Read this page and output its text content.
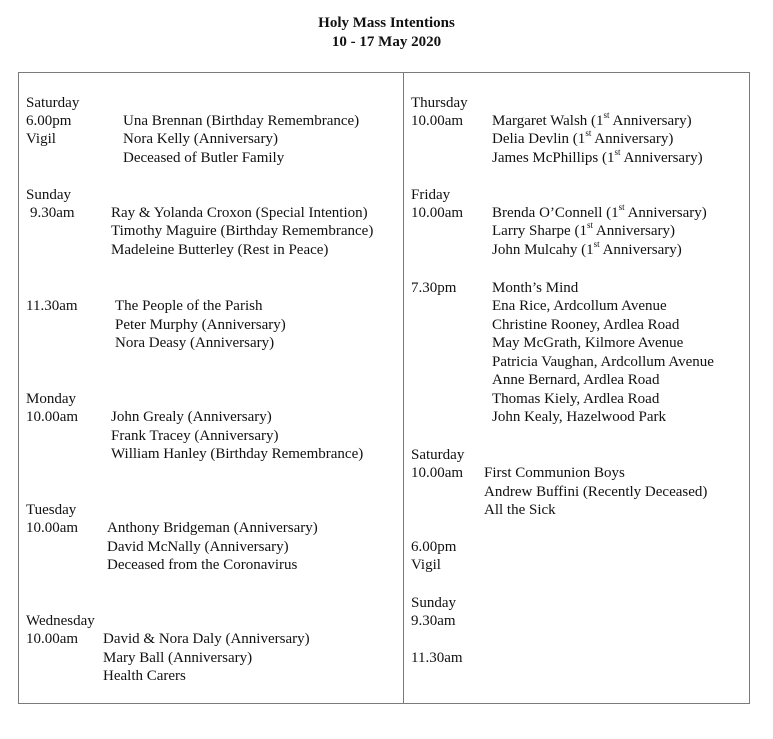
Holy Mass Intentions
10 - 17 May 2020
Saturday
6.00pm
Vigil
Una Brennan (Birthday Remembrance)
Nora Kelly (Anniversary)
Deceased of Butler Family
Sunday
9.30am Ray & Yolanda Croxon (Special Intention)
Timothy Maguire (Birthday Remembrance)
Madeleine Butterley (Rest in Peace)
11.30am The People of the Parish
Peter Murphy (Anniversary)
Nora Deasy (Anniversary)
Monday
10.00am John Grealy (Anniversary)
Frank Tracey (Anniversary)
William Hanley (Birthday Remembrance)
Tuesday
10.00am Anthony Bridgeman (Anniversary)
David McNally (Anniversary)
Deceased from the Coronavirus
Wednesday
10.00am David & Nora Daly (Anniversary)
Mary Ball (Anniversary)
Health Carers
Thursday
10.00am Margaret Walsh (1st Anniversary)
Delia Devlin (1st Anniversary)
James McPhillips (1st Anniversary)
Friday
10.00am Brenda O’Connell (1st Anniversary)
Larry Sharpe (1st Anniversary)
John Mulcahy (1st Anniversary)
7.30pm Month’s Mind
Ena Rice, Ardcollum Avenue
Christine Rooney, Ardlea Road
May McGrath, Kilmore Avenue
Patricia Vaughan, Ardcollum Avenue
Anne Bernard, Ardlea Road
Thomas Kiely, Ardlea Road
John Kealy, Hazelwood Park
Saturday
10.00am First Communion Boys
Andrew Buffini (Recently Deceased)
All the Sick
6.00pm
Vigil
Sunday
9.30am
11.30am
